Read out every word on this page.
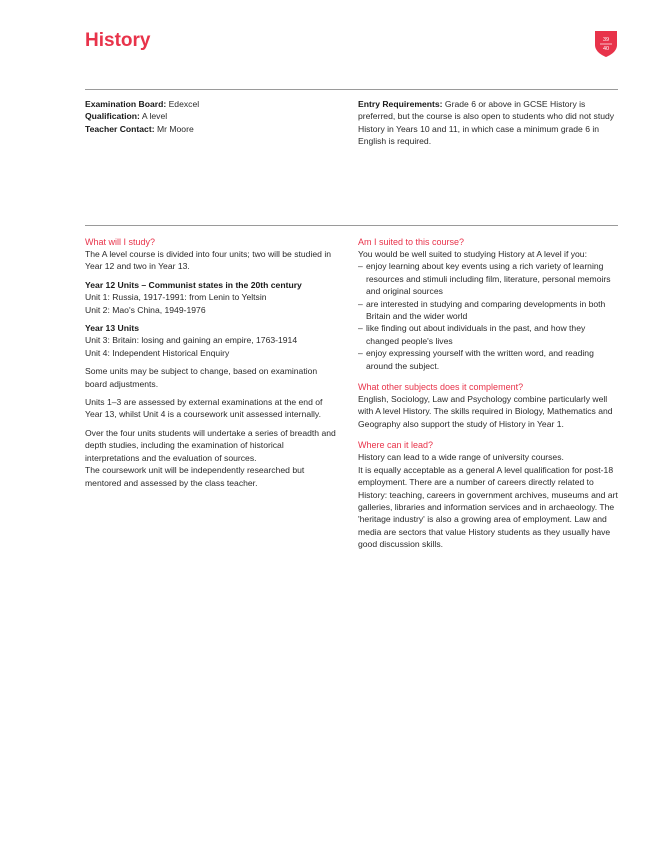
History	39
40
Examination Board: Edexcel
Qualification: A level
Teacher Contact: Mr Moore
Entry Requirements: Grade 6 or above in GCSE History is preferred, but the course is also open to students who did not study History in Years 10 and 11, in which case a minimum grade 6 in English is required.
What will I study?

The A level course is divided into four units; two will be studied in Year 12 and two in Year 13.

Year 12 Units – Communist states in the 20th century

Unit 1: Russia, 1917-1991: from Lenin to Yeltsin

Unit 2: Mao's China, 1949-1976

Year 13 Units

Unit 3: Britain: losing and gaining an empire, 1763-1914

Unit 4: Independent Historical Enquiry

Some units may be subject to change, based on examination board adjustments.

Units 1–3 are assessed by external examinations at the end of Year 13, whilst Unit 4 is a coursework unit assessed internally.

Over the four units students will undertake a series of breadth and depth studies, including the examination of historical interpretations and the evaluation of sources.

The coursework unit will be independently researched but mentored and assessed by the class teacher.

Am I suited to this course?

You would be well suited to studying History at A level if you:

– enjoy learning about key events using a rich variety of learning resources and stimuli including film, literature, personal memoirs and original sources
– are interested in studying and comparing developments in both Britain and the wider world
– like finding out about individuals in the past, and how they changed people's lives
– enjoy expressing yourself with the written word, and reading around the subject.
What other subjects does it complement?

English, Sociology, Law and Psychology combine particularly well with A level History. The skills required in Biology, Mathematics and Geography also support the study of History in Year 1.

Where can it lead?

History can lead to a wide range of university courses.

It is equally acceptable as a general A level qualification for post-18 employment. There are a number of careers directly related to History: teaching, careers in government archives, museums and art galleries, libraries and information services and in archaeology. The 'heritage industry' is also a growing area of employment. Law and media are sectors that value History students as they usually have good discussion skills.
